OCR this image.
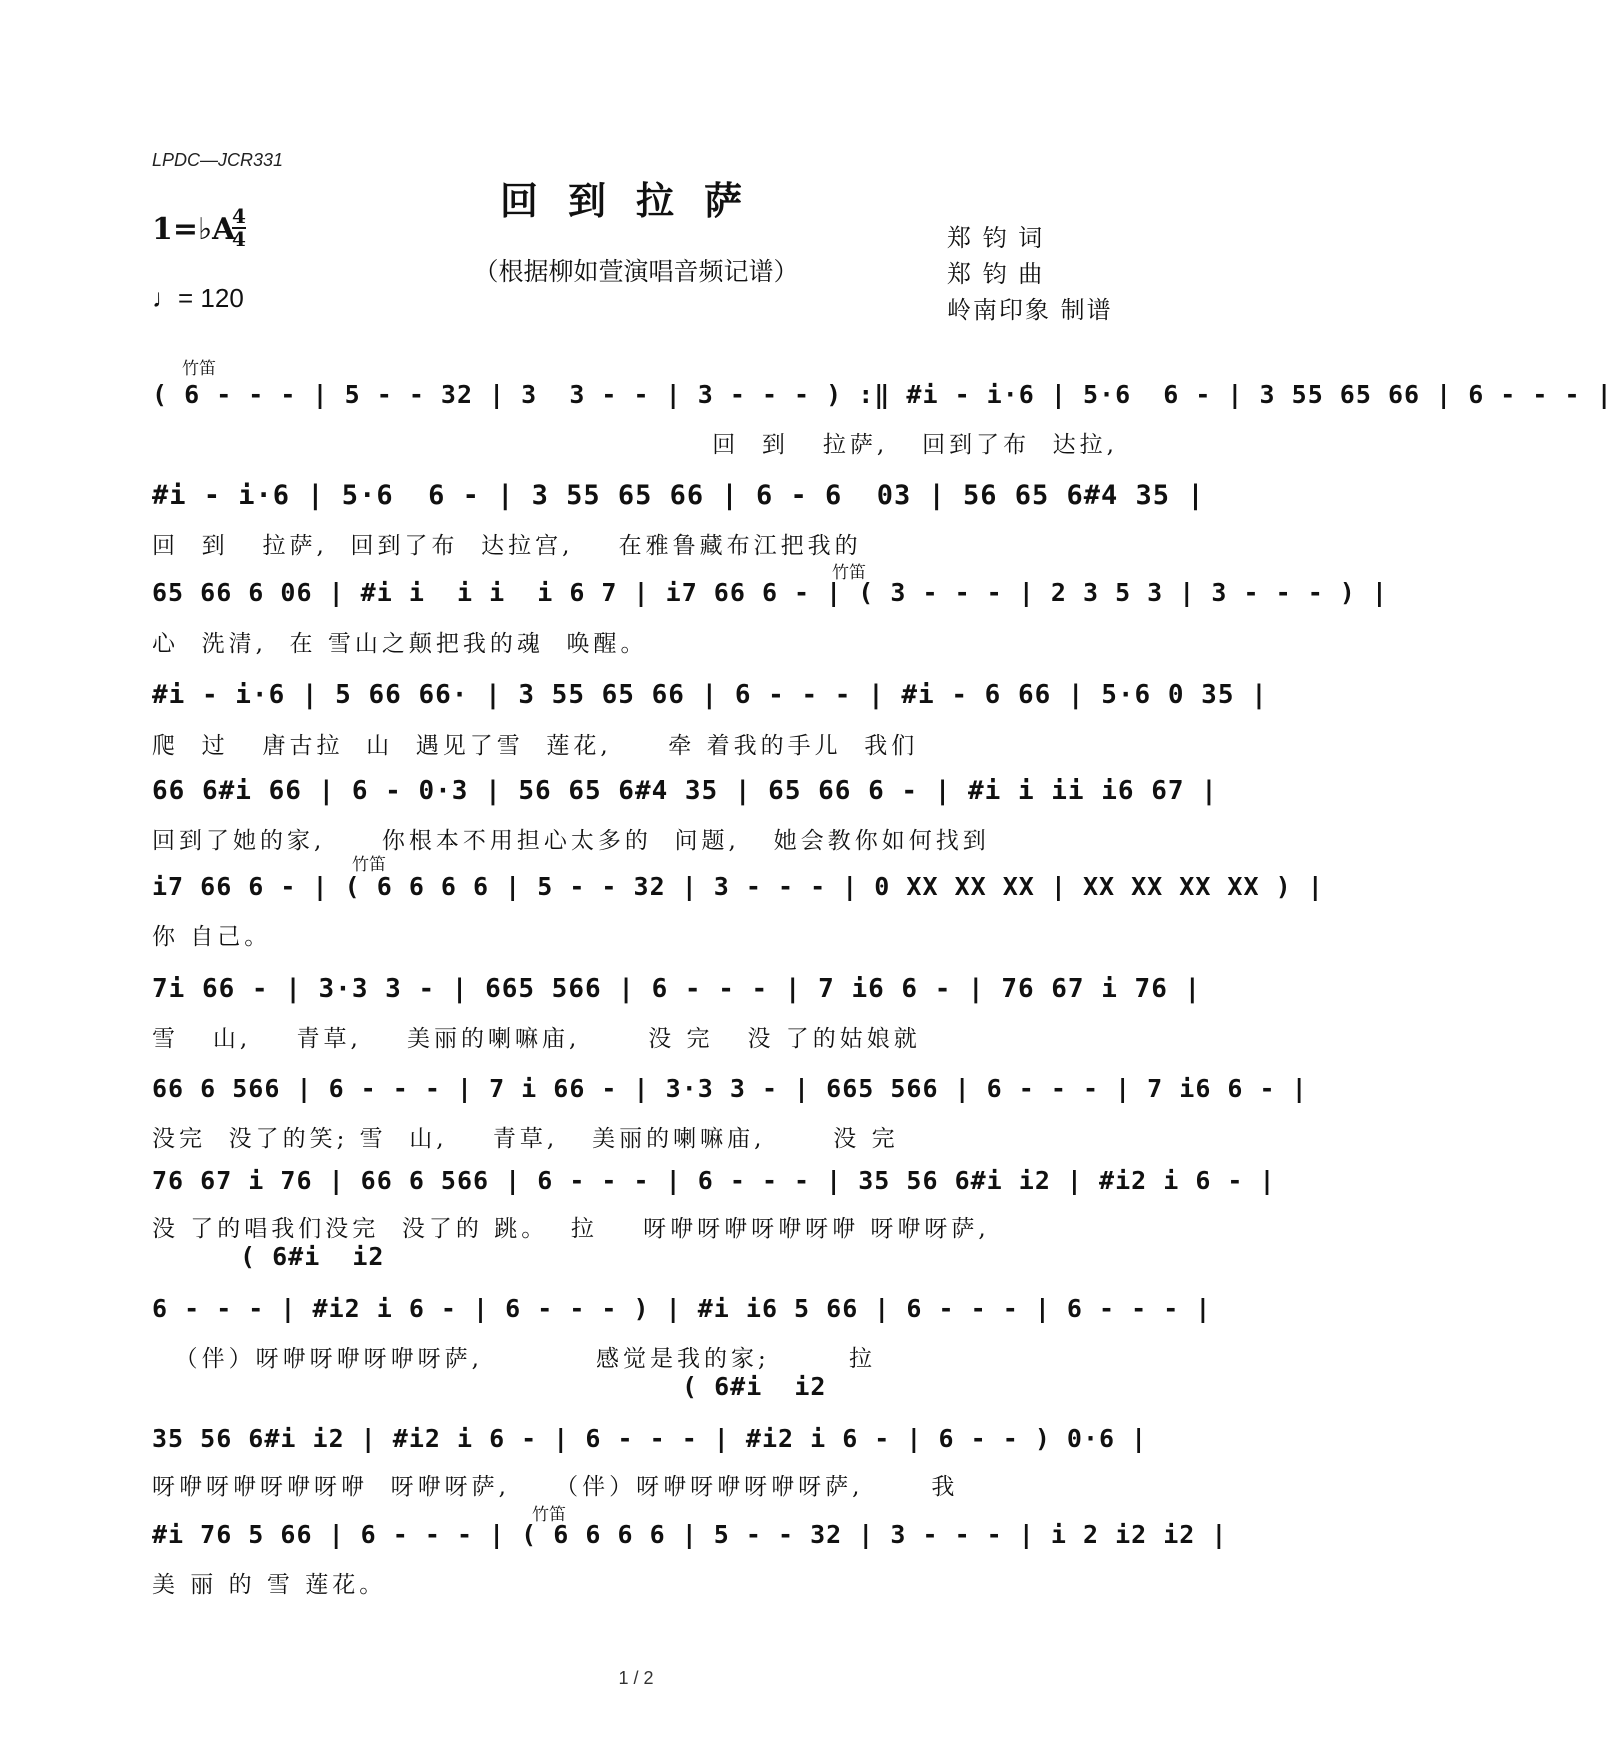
LPDC—JCR331
回到拉萨
（根据柳如萱演唱音频记谱）
1=♭A
4
4
♩= 120
郑 钧 词
郑 钧 曲
岭南印象 制谱
竹笛
( 6 - - - | 5 - - 32 | 3  3 - - | 3 - - - ) :‖ #i - i·6 | 5·6  6 - | 3 55 65 66 | 6 - - - |
回  到   拉萨,   回到了布  达拉,
#i - i·6 | 5·6  6 - | 3 55 65 66 | 6 - 6  03 | 56 65 6#4 35 |
回  到   拉萨,  回到了布  达拉宫,    在雅鲁藏布江把我的
竹笛
65 66 6 06 | #i i  i i  i 6 7 | i7 66 6 - | ( 3 - - - | 2 3 5 3 | 3 - - - ) |
心  洗清,  在 雪山之颠把我的魂  唤醒。
#i - i·6 | 5 66 66· | 3 55 65 66 | 6 - - - | #i - 6 66 | 5·6 0 35 |
爬  过   唐古拉  山  遇见了雪  莲花,     牵 着我的手儿  我们
66 6#i 66 | 6 - 0·3 | 56 65 6#4 35 | 65 66 6 - | #i i ii i6 67 |
回到了她的家,     你根本不用担心太多的  问题,   她会教你如何找到
竹笛
i7 66 6 - | ( 6 6 6 6 | 5 - - 32 | 3 - - - | 0 XX XX XX | XX XX XX XX ) |
你 自己。
7i 66 - | 3·3 3 - | 665 566 | 6 - - - | 7 i6 6 - | 76 67 i 76 |
雪   山,    青草,    美丽的喇嘛庙,      没 完   没 了的姑娘就
66 6 566 | 6 - - - | 7 i 66 - | 3·3 3 - | 665 566 | 6 - - - | 7 i6 6 - |
没完  没了的笑; 雪  山,    青草,   美丽的喇嘛庙,      没 完
76 67 i 76 | 66 6 566 | 6 - - - | 6 - - - | 35 56 6#i i2 | #i2 i 6 - |
没 了的唱我们没完  没了的 跳。  拉    呀咿呀咿呀咿呀咿 呀咿呀萨,
( 6#i  i2
6 - - - | #i2 i 6 - | 6 - - - ) | #i i6 5 66 | 6 - - - | 6 - - - |
（伴）呀咿呀咿呀咿呀萨,          感觉是我的家;       拉
( 6#i  i2
35 56 6#i i2 | #i2 i 6 - | 6 - - - | #i2 i 6 - | 6 - - ) 0·6 |
呀咿呀咿呀咿呀咿  呀咿呀萨,    （伴）呀咿呀咿呀咿呀萨,      我
竹笛
#i 76 5 66 | 6 - - - | ( 6 6 6 6 | 5 - - 32 | 3 - - - | i 2 i2 i2 |
美 丽 的 雪 莲花。
1 / 2
